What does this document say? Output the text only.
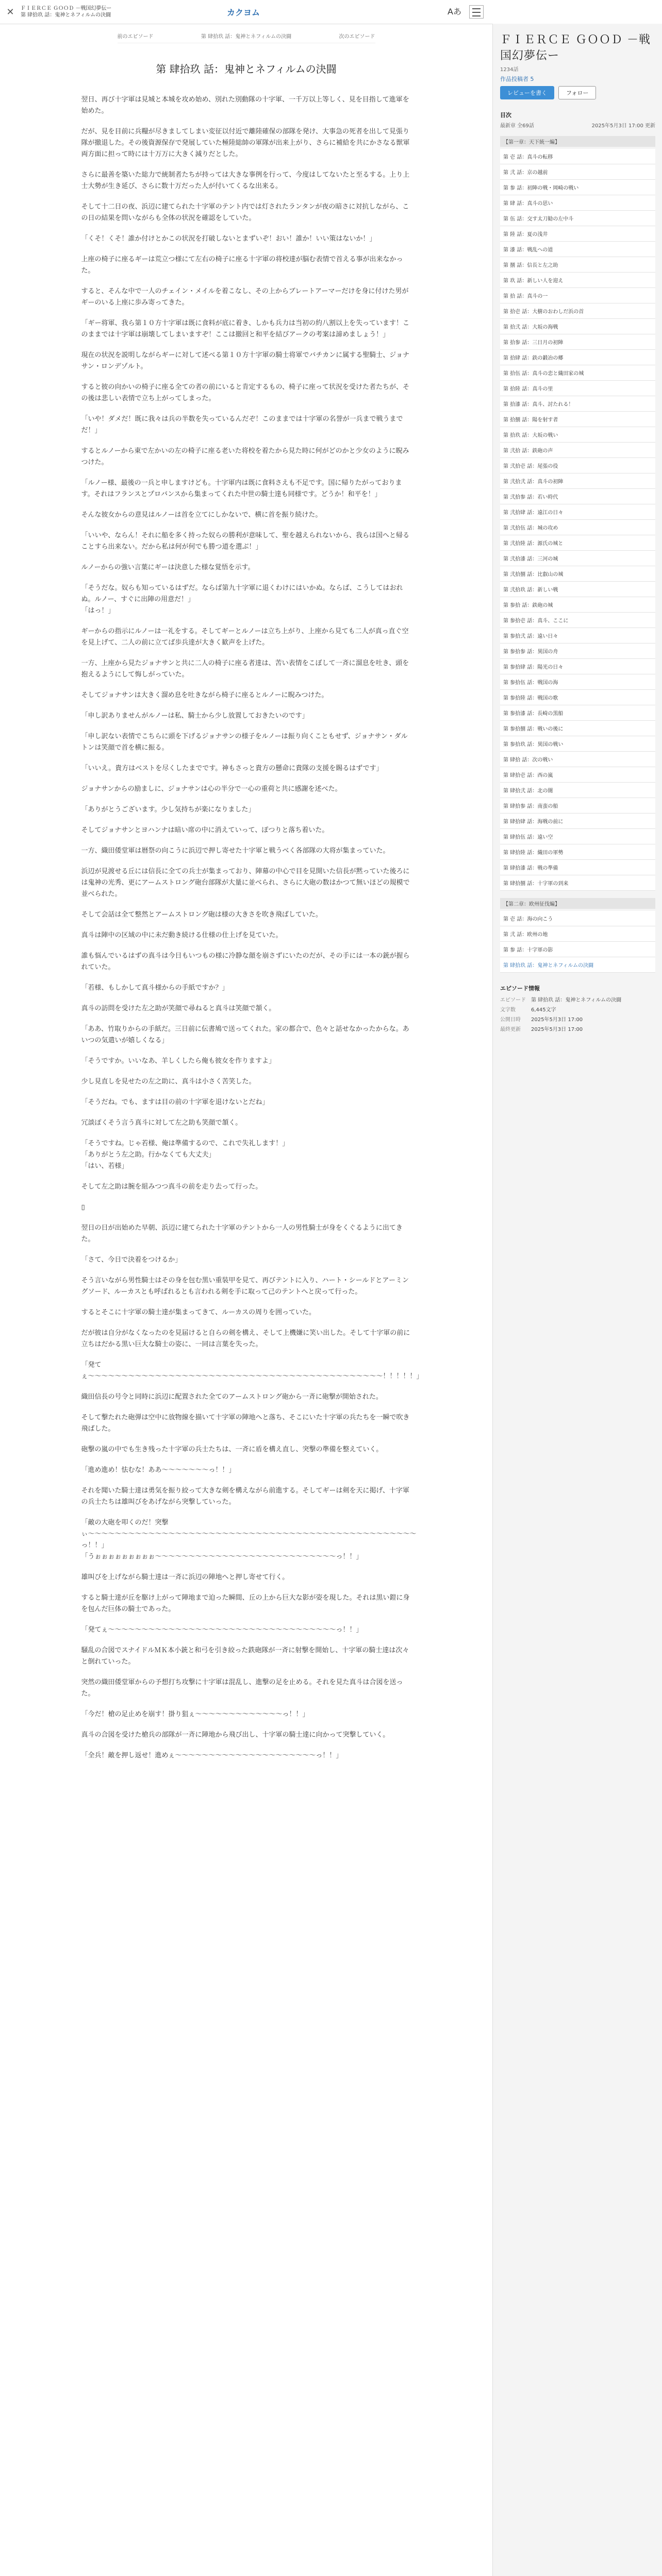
✕	ＦＩＥＲＣＥ ＧＯＯＤ －戦国幻夢伝ー
第 肆拾玖 話：鬼神とネフィルムの決闘	カクヨム	Aあ
前のエピソード	第 肆拾玖 話：鬼神とネフィルムの決闘	次のエピソード
第 肆拾玖 話：鬼神とネフィルムの決闘

翌日、再び十字軍は見城と本城を攻め始め、別れた別動隊の十字軍、一千万以上等しく、見を目指して進軍を始めた。

だが、見を目前に兵糧が尽きましてしまい変征以付近で離陸確保の部隊を発け、大事急の死者を出して見張り隊が撤退した。その後資源保存で発展していた極陸総帥の軍隊が出来上がり、さらに補給を共にかさなる獣軍両方面に担って時には十万万に大きく減りだとした。

さらに最善を築いた総力で統制者たちが持っては大きな事例を行って、今度はしてないたと至るする。上り上士大勢が生き延び、さらに数十万だった人が付いてくるな出来る。

そして十二日の夜、浜辺に建てられた十字軍のテント内では灯されたランタンが夜の暗さに対抗しながら、この日の結果を問いながらも全体の状況を確認をしていた。

「くそ！くそ！誰か付けとかこの状況を打破しないとまずいぞ！おい！誰か！いい策はないか！」

上座の椅子に座るギーは荒立つ様にて左右の椅子に座る十字軍の将校達が脳む表情で首える事が出来なかった。

すると、そんな中で一人のチェイン・メイルを着こなし、その上からブレートアーマーだけを身に付けた男がギーのいる上座に歩み寄ってきた。

「ギー将軍、我ら第１０方十字軍は既に食料が底に着き、しかも兵力は当初の約八割以上を失っています！このままでは十字軍は崩壊してしまいますぞ！ここは撤回と和平を結びアークの考案は諦めましょう！」

現在の状況を説明しながらギーに対して述べる第１０方十字軍の騎士将軍でバチカンに属する聖騎士、ジョナサン・ロンデゾルト。

すると彼の向かいの椅子に座る全ての者の前にいると肯定するもの、椅子に座って状況を受けた者たちが、その後は悲しい表情で立ち上がってしまった。

「いや！ダメだ！既に我々は兵の半数を失っているんだぞ！このままでは十字軍の名誉が一兵まで戦うまでだ！」

するとルノーから東で左かいの左の椅子に座る老いた将校を着たから見た時に何がどのかと少女のように睨みつけた。

「ルノー様、最後の一兵と申しますけども。十字軍内は既に食料さえも不足です。国に帰りたがっております。それはフランスとプロバンスから集まってくれた中世の騎士達も同様です。どうか！和平を！」

そんな彼女からの意見はルノーは首を立てにしかないで、横に首を振り続けた。

「いいや、ならん！それに船を多く持った奴らの勝利が意味して、聖を越えられないから、我らは国へと帰ることすら出来ない。だから私は何が何でも勝つ道を選ぶ！」

ルノーからの強い言葉にギーは決意した様な覚悟を示す。

「そうだな。奴らも知っているはずだ。ならば第九十字軍に退くわけにはいかぬ。ならば、こうしてはおれぬ。ルノー、すぐに出陣の用意だ！」
「はっ！」

ギーからの指示にルノーは一礼をする。そしてギーとルノーは立ち上がり、上座から見ても二人が真っ直ぐ空を見上げて、二人の前に立てば歩兵達が大きく歓声を上げた。

一方、上座から見たジョナサンと共に二人の椅子に座る者達は、苦い表情をこぼして一斉に溜息を吐き、頭を抱えるようにして悔しがっていた。

そしてジョナサンは大きく溜め息を吐きながら椅子に座るとルノーに睨みつけた。

「申し訳ありませんがルノーは私、騎士から少し放置しておきたいのです」

「申し訳ない表情でこちらに頭を下げるジョナサンの様子をルノーは振り向くこともせず、ジョナサン・ダルトンは笑顔で首を横に振る。

「いいえ。貴方はベストを尽くしたまでです。神もさっと貴方の懸命に貴隊の支援を賜るはずです」

ジョナサンからの励ましに、ジョナサンは心の半分で一心の重荷と共に感謝を述べた。

「ありがとうございます。少し気持ちが楽になりました」

そしてジョナサンとヨハンナは暗い席の中に消えていって、ぽつりと落ち着いた。

一方、織田倭堂軍は暦祭の向こうに浜辺で押し寄せた十字軍と戦うべく各部隊の大将が集まっていた。

浜辺が見渡せる丘には信長に全ての兵士が集まっており、陣幕の中心で目を見開いた信長が黙っていた後ろには鬼神の光秀、更にアームストロング砲台部隊が大量に並べられ、さらに大砲の数はかつて無いほどの規模で並べられた。

そして会話は全て整然とアームストロング砲は様の大きさを吹き飛ばしていた。

真斗は陣中の区域の中に未だ動き続ける仕様の仕上げを見ていた。

誰も悩んでいるはずの真斗は今日もいつもの様に冷静な顔を崩さずにいたのだが、その手には一本の銃が握られていた。

「若様、もしかして真斗様からの手紙ですか？」

真斗の訪問を受けた左之助が笑顔で尋ねると真斗は笑顔で頷く。

「ああ、竹取りからの手紙だ。三日前に伝書鳩で送ってくれた。家の都合で、色々と話せなかったからな。あいつの気遣いが嬉しくなる」

「そうですか。いいなあ、羊しくしたら俺も彼女を作りますよ」

少し見直しを見せたの左之助に、真斗は小さく苦笑した。

「そうだね。でも、ますは目の前の十字軍を退けないとだね」

冗談ぽくそう言う真斗に対して左之助も笑顔で頷く。

「そうですね。じゃ若様、俺は準備するので、これで失礼します！」
「ありがとう左之助。行かなくても大丈夫」
「はい、若様」

そして左之助は腕を組みつつ真斗の前を走り去って行った。

▯

翌日の日が出始めた早朝、浜辺に建てられた十字軍のテントから一人の男性騎士が身をくぐるように出てきた。

「さて、今日で決着をつけるか」

そう言いながら男性騎士はその身を包む黒い重装甲を見て、再びテントに入り、ハート・シールドとアーミングソード、ルーカスとも呼ばれるとも言われる剣を手に取って己のテントへと戻って行った。

するとそこに十字軍の騎士達が集まってきて、ルーカスの周りを囲っていた。

だが彼は自分がなくなったのを見届けると自らの剣を構え、そして上機嫌に笑い出した。そして十字軍の前に立ちはだかる黒い巨大な騎士の姿に、一同は言葉を失った。

「発てぇ〜〜〜〜〜〜〜〜〜〜〜〜〜〜〜〜〜〜〜〜〜〜〜〜〜〜〜〜〜〜〜〜〜〜〜〜〜〜〜〜〜〜〜〜！！！！！」

織田信長の号令と同時に浜辺に配置された全てのアームストロング砲から一斉に砲撃が開始された。

そして撃たれた砲弾は空中に放物線を描いて十字軍の陣地へと落ち、そこにいた十字軍の兵たちを一瞬で吹き飛ばした。

砲撃の嵐の中でも生き残った十字軍の兵士たちは、一斉に盾を構え直し、突撃の準備を整えていく。

「進め進め！怯むな！ああ〜〜〜〜〜〜〜っ！！」

それを聞いた騎士達は勇気を振り絞って大きな剣を構えながら前進する。そしてギーは剣を天に掲げ、十字軍の兵士たちは雄叫びをあげながら突撃していった。

「敵の大砲を叩くのだ！突撃ぃ〜〜〜〜〜〜〜〜〜〜〜〜〜〜〜〜〜〜〜〜〜〜〜〜〜〜〜〜〜〜〜〜〜〜〜〜〜〜〜〜〜〜〜〜〜〜〜〜〜っ！！」
「うぉぉぉぉぉぉぉぉぉ〜〜〜〜〜〜〜〜〜〜〜〜〜〜〜〜〜〜〜〜〜〜〜〜〜〜〜っ！！」

雄叫びを上げながら騎士達は一斉に浜辺の陣地へと押し寄せて行く。

すると騎士達が丘を駆け上がって陣地まで迫った瞬間、丘の上から巨大な影が姿を現した。それは黒い鎧に身を包んだ巨体の騎士であった。

「発てぇ〜〜〜〜〜〜〜〜〜〜〜〜〜〜〜〜〜〜〜〜〜〜〜〜〜〜〜〜〜〜〜〜〜〜っ！！」

騒乱の合図でスナイドルＭＫ本小銃と和弓を引き絞った鉄砲隊が一斉に射撃を開始し、十字軍の騎士達は次々と倒れていった。

突然の織田倭堂軍からの予想打ち攻撃に十字軍は混乱し、進撃の足を止める。それを見た真斗は合図を送った。

「今だ！槍の足止めを崩す！掛り狙ぇ〜〜〜〜〜〜〜〜〜〜〜〜〜っ！！」

真斗の合図を受けた槍兵の部隊が一斉に陣地から飛び出し、十字軍の騎士達に向かって突撃していく。

「全兵！敵を押し返せ！進めぇ〜〜〜〜〜〜〜〜〜〜〜〜〜〜〜〜〜〜〜〜〜っ！！」

ＦＩＥＲＣＥ ＧＯＯＤ －戦国幻夢伝ー
1234話
作品投稿者 5
レビューを書く	フォロー
目次
最新章 全69話	2025年5月3日 17:00 更新
【第一章：天下統一編】
第 壱 話：真斗の転移
第 弐 話：京の越前
第 参 話：初陣の戦・岡崎の戦い
第 肆 話：真斗の思い
第 伍 話：交す太刀勧の左中斗
第 陸 話：夏の浅井
第 漆 話：戦乱への道
第 捌 話：信長と左之助
第 玖 話：新しい人を迎え
第 拾 話：真斗の一
第 拾壱 話：大樹のおわしだ浜の首
第 拾弐 話：大坂の海戦
第 拾参 話：三日月の初陣
第 拾肆 話：鉄の鍛冶の郷
第 拾伍 話：真斗の恋と織田家の城
第 拾陸 話：真斗の里
第 拾漆 話：真斗、討たれる！
第 拾捌 話：陽を射す者
第 拾玖 話：大坂の戦い
第 弐拾 話：鉄砲の声
第 弐拾壱 話：尾張の役
第 弐拾弐 話：真斗の初陣
第 弐拾参 話：若い時代
第 弐拾肆 話：遠江の日々
第 弐拾伍 話：城の攻め
第 弐拾陸 話：源氏の城と
第 弐拾漆 話：三河の城
第 弐拾捌 話：比叡山の城
第 弐拾玖 話：新しい戦
第 参拾 話：鉄砲の城
第 参拾壱 話：真斗、ここに
第 参拾弐 話：遠い日々
第 参拾参 話：異国の舟
第 参拾肆 話：陽光の日々
第 参拾伍 話：戦国の海
第 参拾陸 話：戦国の歌
第 参拾漆 話：長崎の黒船
第 参拾捌 話：戦いの後に
第 参拾玖 話：異国の戦い
第 肆拾 話：次の戦い
第 肆拾壱 話：西の嵐
第 肆拾弐 話：北の闇
第 肆拾参 話：南蛮の船
第 肆拾肆 話：海戦の前に
第 肆拾伍 話：遠い空
第 肆拾陸 話：織田の軍勢
第 肆拾漆 話：戦の準備
第 肆拾捌 話：十字軍の到来
【第二章：欧州征伐編】
第 壱 話：海の向こう
第 弐 話：欧州の地
第 参 話：十字軍の影
第 肆拾玖 話：鬼神とネフィルムの決闘
エピソード情報
エピソード	第 肆拾玖 話：鬼神とネフィルムの決闘
文字数	6,445文字
公開日時	2025年5月3日 17:00
最終更新	2025年5月3日 17:00
